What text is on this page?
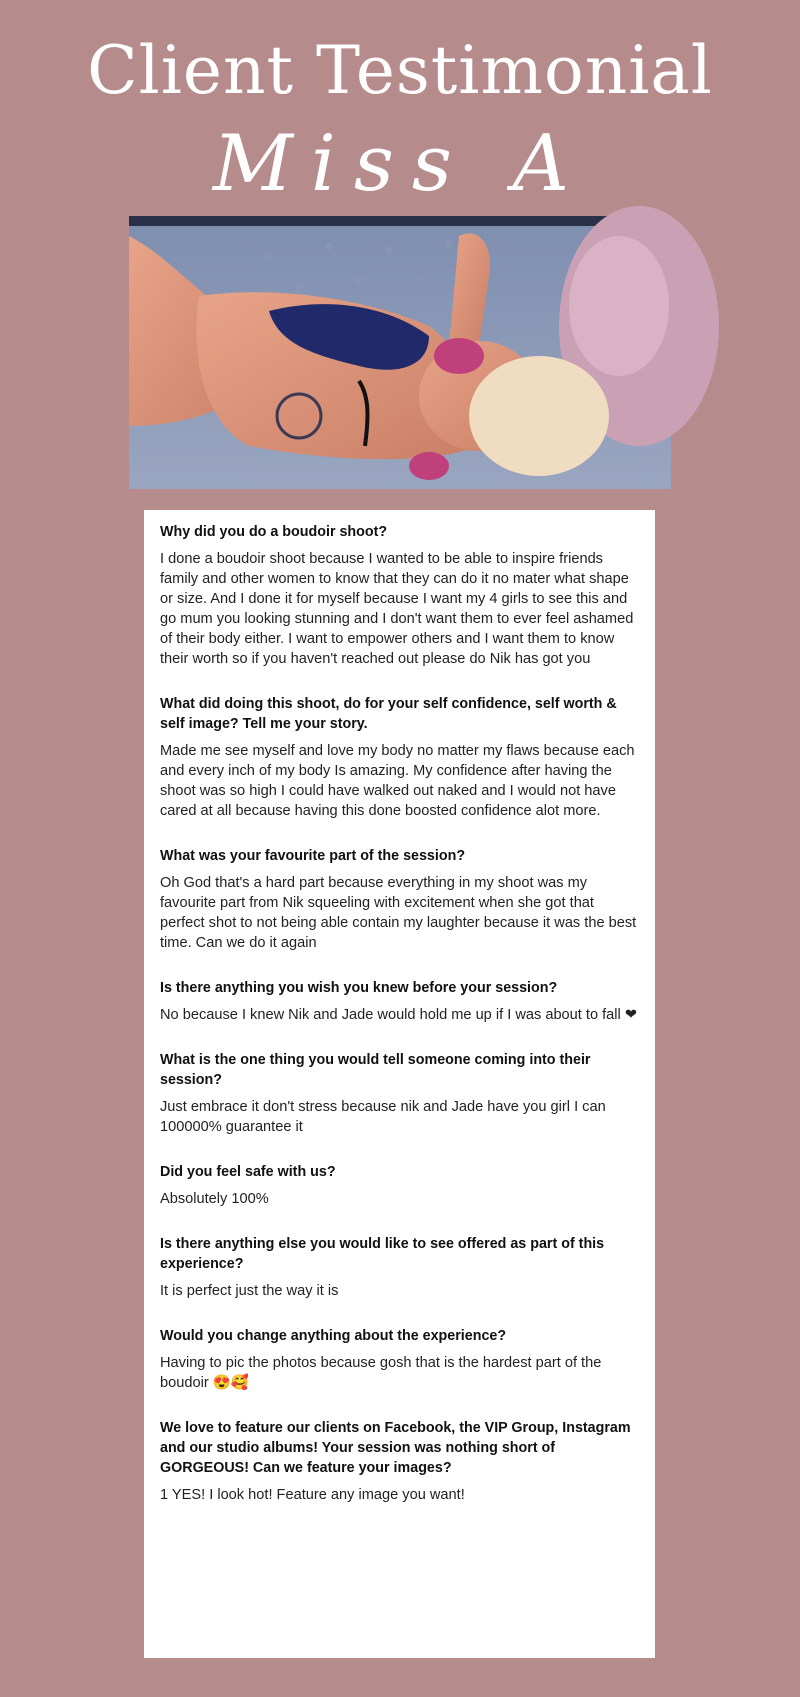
Client Testimonial
Miss A

Why did you do a boudoir shoot?

I done a boudoir shoot because I wanted to be able to inspire friends family and other women to know that they can do it no mater what shape or size. And I done it for myself because I want my 4 girls to see this and go mum you looking stunning and I don't want them to ever feel ashamed of their body either. I want to empower others and I want them to know their worth so if you haven't reached out please do Nik has got you

What did doing this shoot, do for your self confidence, self worth & self image? Tell me your story.

Made me see myself and love my body no matter my flaws because each and every inch of my body Is amazing. My confidence after having the shoot was so high I could have walked out naked and I would not have cared at all because having this done boosted confidence alot more.

What was your favourite part of the session?

Oh God that's a hard part because everything in my shoot was my favourite part from Nik squeeling with excitement when she got that perfect shot to not being able contain my laughter because it was the best time. Can we do it again

Is there anything you wish you knew before your session?

No because I knew Nik and Jade would hold me up if I was about to fall ❤

What is the one thing you would tell someone coming into their session?

Just embrace it don't stress because nik and Jade have you girl I can 100000% guarantee it

Did you feel safe with us?

Absolutely 100%

Is there anything else you would like to see offered as part of this experience?

It is perfect just the way it is

Would you change anything about the experience?

Having to pic the photos because gosh that is the hardest part of the boudoir 😍🥰

We love to feature our clients on Facebook, the VIP Group, Instagram and our studio albums! Your session was nothing short of GORGEOUS! Can we feature your images?

1 YES! I look hot! Feature any image you want!
